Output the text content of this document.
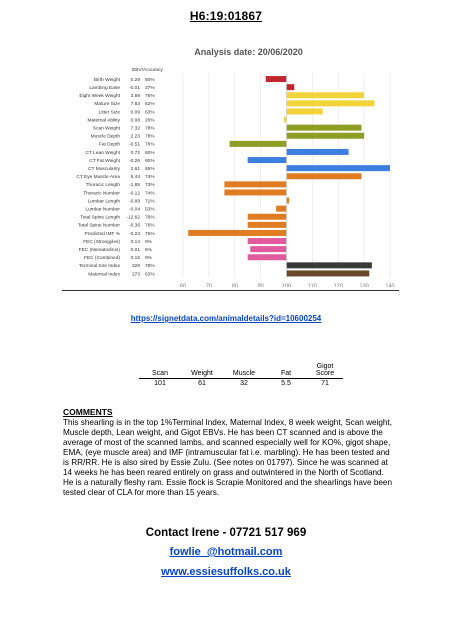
H6:19:01867
Analysis date: 20/06/2020
60	70	80	90	100	110	120	130	140
EBV/ Accuracy
Birth Weight 0.29 80%
Lambing Ease -0.01 37%
Eight Week Weight 3.69 76%
Mature Size 7.63 62%
Litter Size 0.09 63%
Maternal Ability 0.08 20%
Scan Weight 7.32 78%
Muscle Depth 2.23 78%
Fat Depth -0.51 76%
CT Lean Weight 0.72 60%
CT Fat Weight -0.26 60%
CT Muscularity 2.61 65%
CT Eye Muscle Area 5.44 74%
Thoracic Length -1.85 73%
Thoracic Number -0.12 74%
Lumbar Length -0.89 71%
Lumbar Number -0.04 53%
Total Spine Length -12.62 76%
Total Spine Number -0.36 76%
Predicted IMF % -0.23 75%
FEC (Strongyles) 0.14 9%
FEC (Nematodirus) 0.01 6%
FEC (Combined) 0.15 9%
Terminal Sire Index 329 78%
Maternal Index 273 63%
https://signetdata.com/animaldetails?id=10600254
Scan	Weight	Muscle	Fat	Gigot Score
101	61	32	5.5	71
COMMENTS
This shearling is in the top 1%Terminal Index, Maternal Index, 8 week weight, Scan weight, Muscle depth, Lean weight, and Gigot EBVs. He has been CT scanned and is above the average of most of the scanned lambs, and scanned especially well for KO%, gigot shape, EMA, (eye muscle area) and IMF (intramuscular fat i.e. marbling). He has been tested and is RR/RR. He is also sired by Essie Zulu. (See notes on 01797). Since he was scanned at 14 weeks he has been reared entirely on grass and outwintered in the North of Scotland. He is a naturally fleshy ram. Essie flock is Scrapie Monitored and the shearlings have been tested clear of CLA for more than 15 years.
Contact Irene - 07721 517 969
fowlie_@hotmail.com
www.essiesuffolks.co.uk
